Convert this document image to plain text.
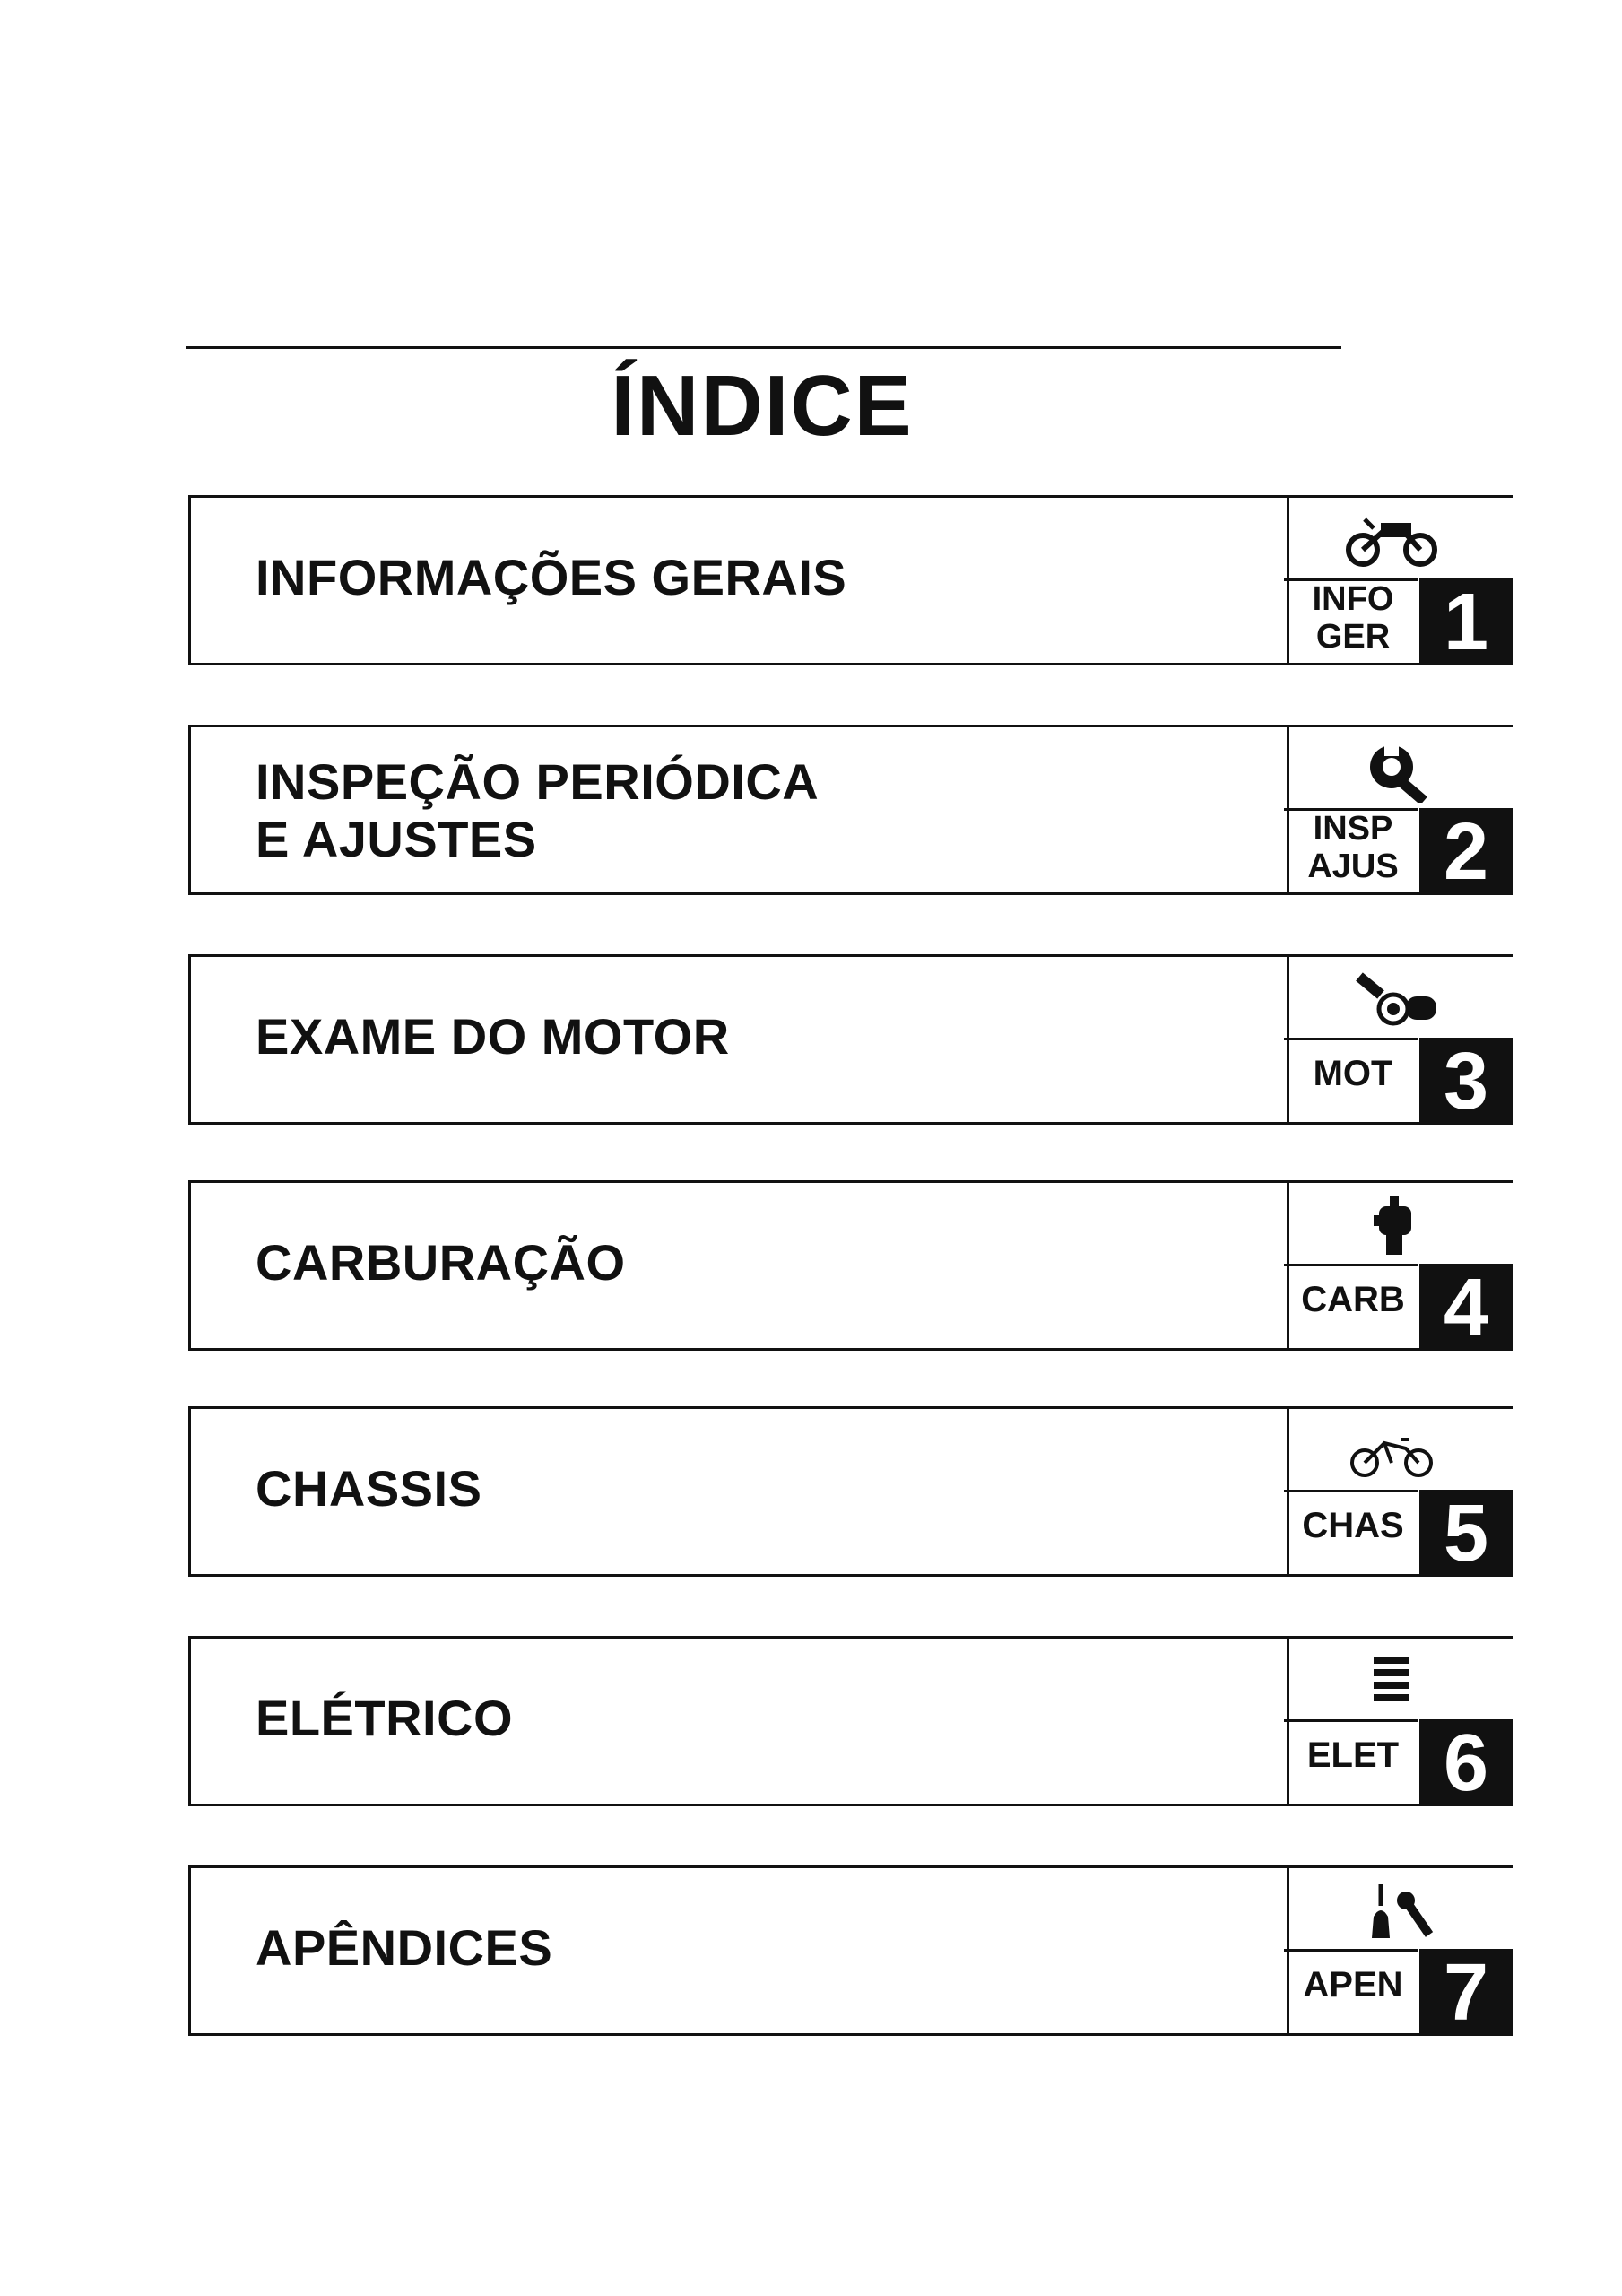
ÍNDICE
INFORMAÇÕES GERAIS	INFO
GER 1
INSPEÇÃO PERIÓDICA
E AJUSTES	INSP
AJUS 2
EXAME DO MOTOR
MOT 3
CARBURAÇÃO
CARB 4
CHASSIS
CHAS 5
ELÉTRICO
ELET 6
APÊNDICES
APEN 7
